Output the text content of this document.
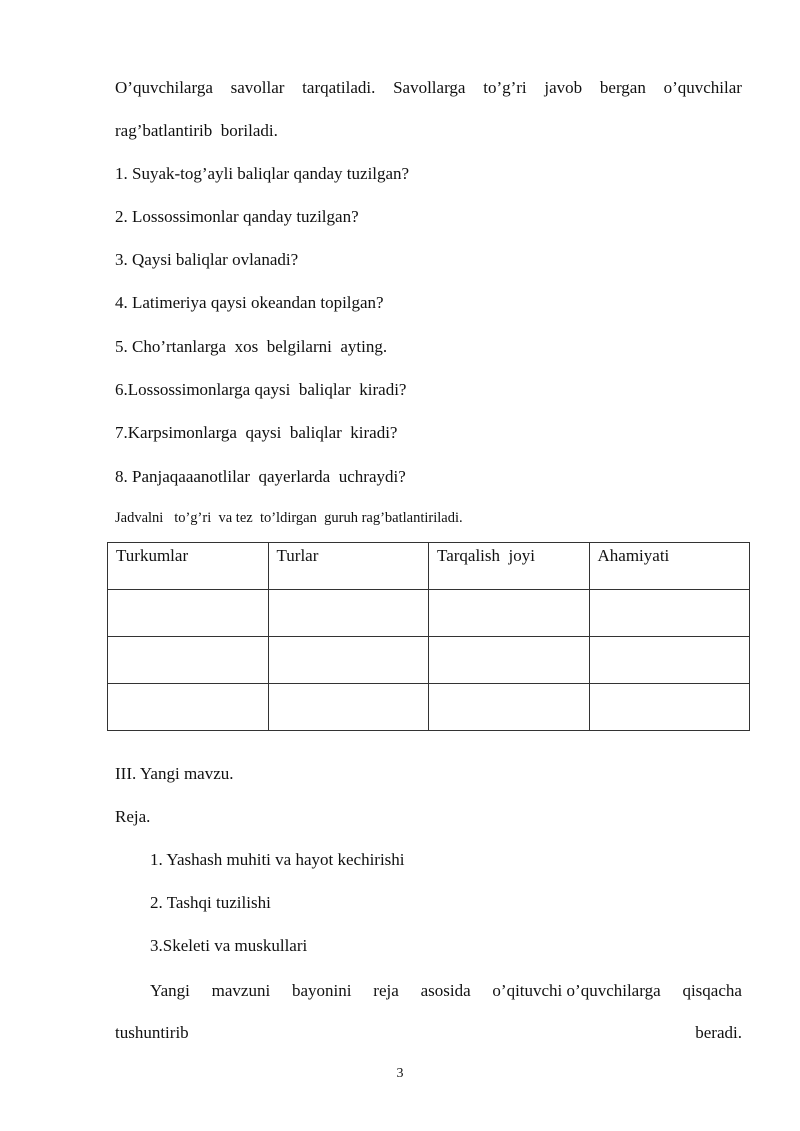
O’quvchilarga savollar tarqatiladi. Savollarga to’g’ri javob bergan o’quvchilar
rag’batlantirib  boriladi.
1. Suyak-tog’ayli baliqlar qanday tuzilgan?
2. Lossossimonlar qanday tuzilgan?
3. Qaysi baliqlar ovlanadi?
4. Latimeriya qaysi okeandan topilgan?
5. Cho’rtanlarga  xos  belgilarni  ayting.
6.Lossossimonlarga qaysi  baliqlar  kiradi?
7.Karpsimonlarga  qaysi  baliqlar  kiradi?
8. Panjaqaaanotlilar  qayerlarda  uchraydi?
Jadvalni   to’g’ri  va tez  to’ldirgan  guruh rag’batlantiriladi.
Turkumlar	Turlar	Tarqalish  joyi	Ahamiyati

III. Yangi mavzu.
Reja.
1. Yashash muhiti va hayot kechirishi
2. Tashqi tuzilishi
3.Skeleti va muskullari
Yangi mavzuni bayonini reja asosida o’qituvchi o’quvchilarga qisqacha
tushuntirib	beradi.
3
